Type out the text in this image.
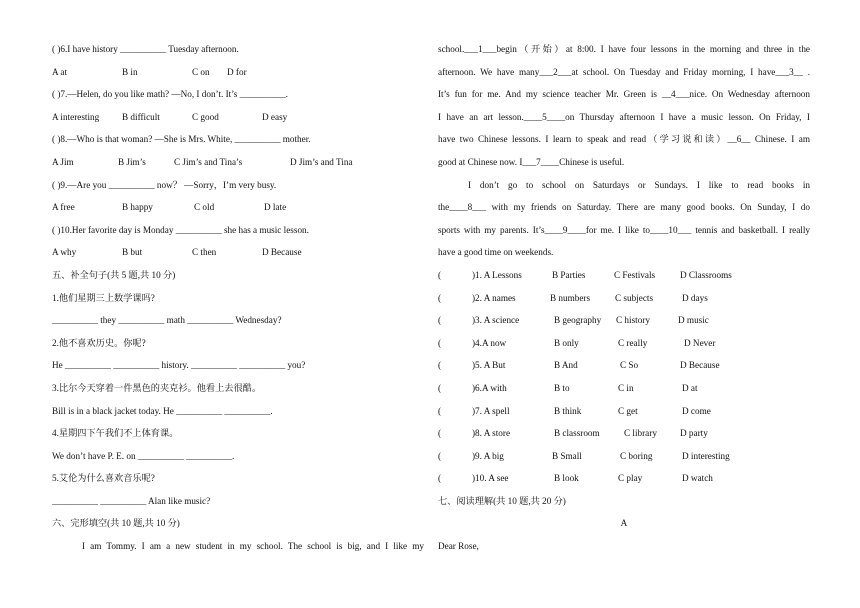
( )6.I have history __________ Tuesday afternoon.
A at	B in	C on D for
( )7.—Helen, do you like math? —No, I don’t. It’s __________.
A interesting B difficult	C good	D easy
( )8.—Who is that woman? —She is Mrs. White, __________ mother.
A Jim	B Jim’s	C Jim’s and Tina’s	D Jim’s and Tina
( )9.—Are you __________ now？ —Sorry，I’m very busy.
A free	B happy	C old	D late
( )10.Her favorite day is Monday __________ she has a music lesson.
A why	B but	C then	D Because
五、补全句子(共 5 题,共 10 分)
1.他们星期三上数学课吗?
__________ they __________ math __________ Wednesday?
2.他不喜欢历史。你呢?
He __________ __________ history. __________ __________ you?
3.比尔今天穿着一件黑色的夹克衫。他看上去很酷。
Bill is in a black jacket today. He __________ __________.
4.星期四下午我们不上体育课。
We don’t have P. E. on __________ __________.
5.艾伦为什么喜欢音乐呢?
__________ __________ Alan like music?
六、完形填空(共 10 题,共 10 分)
I am Tommy. I am a new student in my school. The school is big, and I like my
school.___1___begin（开始）at 8:00. I have four lessons in the morning and three in the
afternoon. We have many___2___at school. On Tuesday and Friday morning, I have___3__ .
It’s fun for me. And my science teacher Mr. Green is __4___nice. On Wednesday afternoon
I have an art lesson.____5____on Thursday afternoon I have a music lesson. On Friday, I
have two Chinese lessons. I learn to speak and read（学习说和读）__6__ Chinese. I am
good at Chinese now. I___7____Chinese is useful.
I don’t go to school on Saturdays or Sundays. I like to read books in
the____8___ with my friends on Saturday. There are many good books. On Sunday, I do
sports with my parents. It’s____9____for me. I like to____10___ tennis and basketball. I really
have a good time on weekends.
(	)1. A Lessons	B Parties	C Festivals	D Classrooms
(	)2. A names	B numbers	C subjects	D days
(	)3. A science	B geography C history	D music
(	)4.A now	B only	C really	D Never
(	)5. A But	B And	C So	D Because
(	)6.A with	B to	C in	D at
(	)7. A spell	B think	C get	D come
(	)8. A store	B classroom	C library	D party
(	)9. A big	B Small	C boring	D interesting
(	)10. A see	B look	C play	D watch
七、阅读理解(共 10 题,共 20 分)
A
Dear Rose,
